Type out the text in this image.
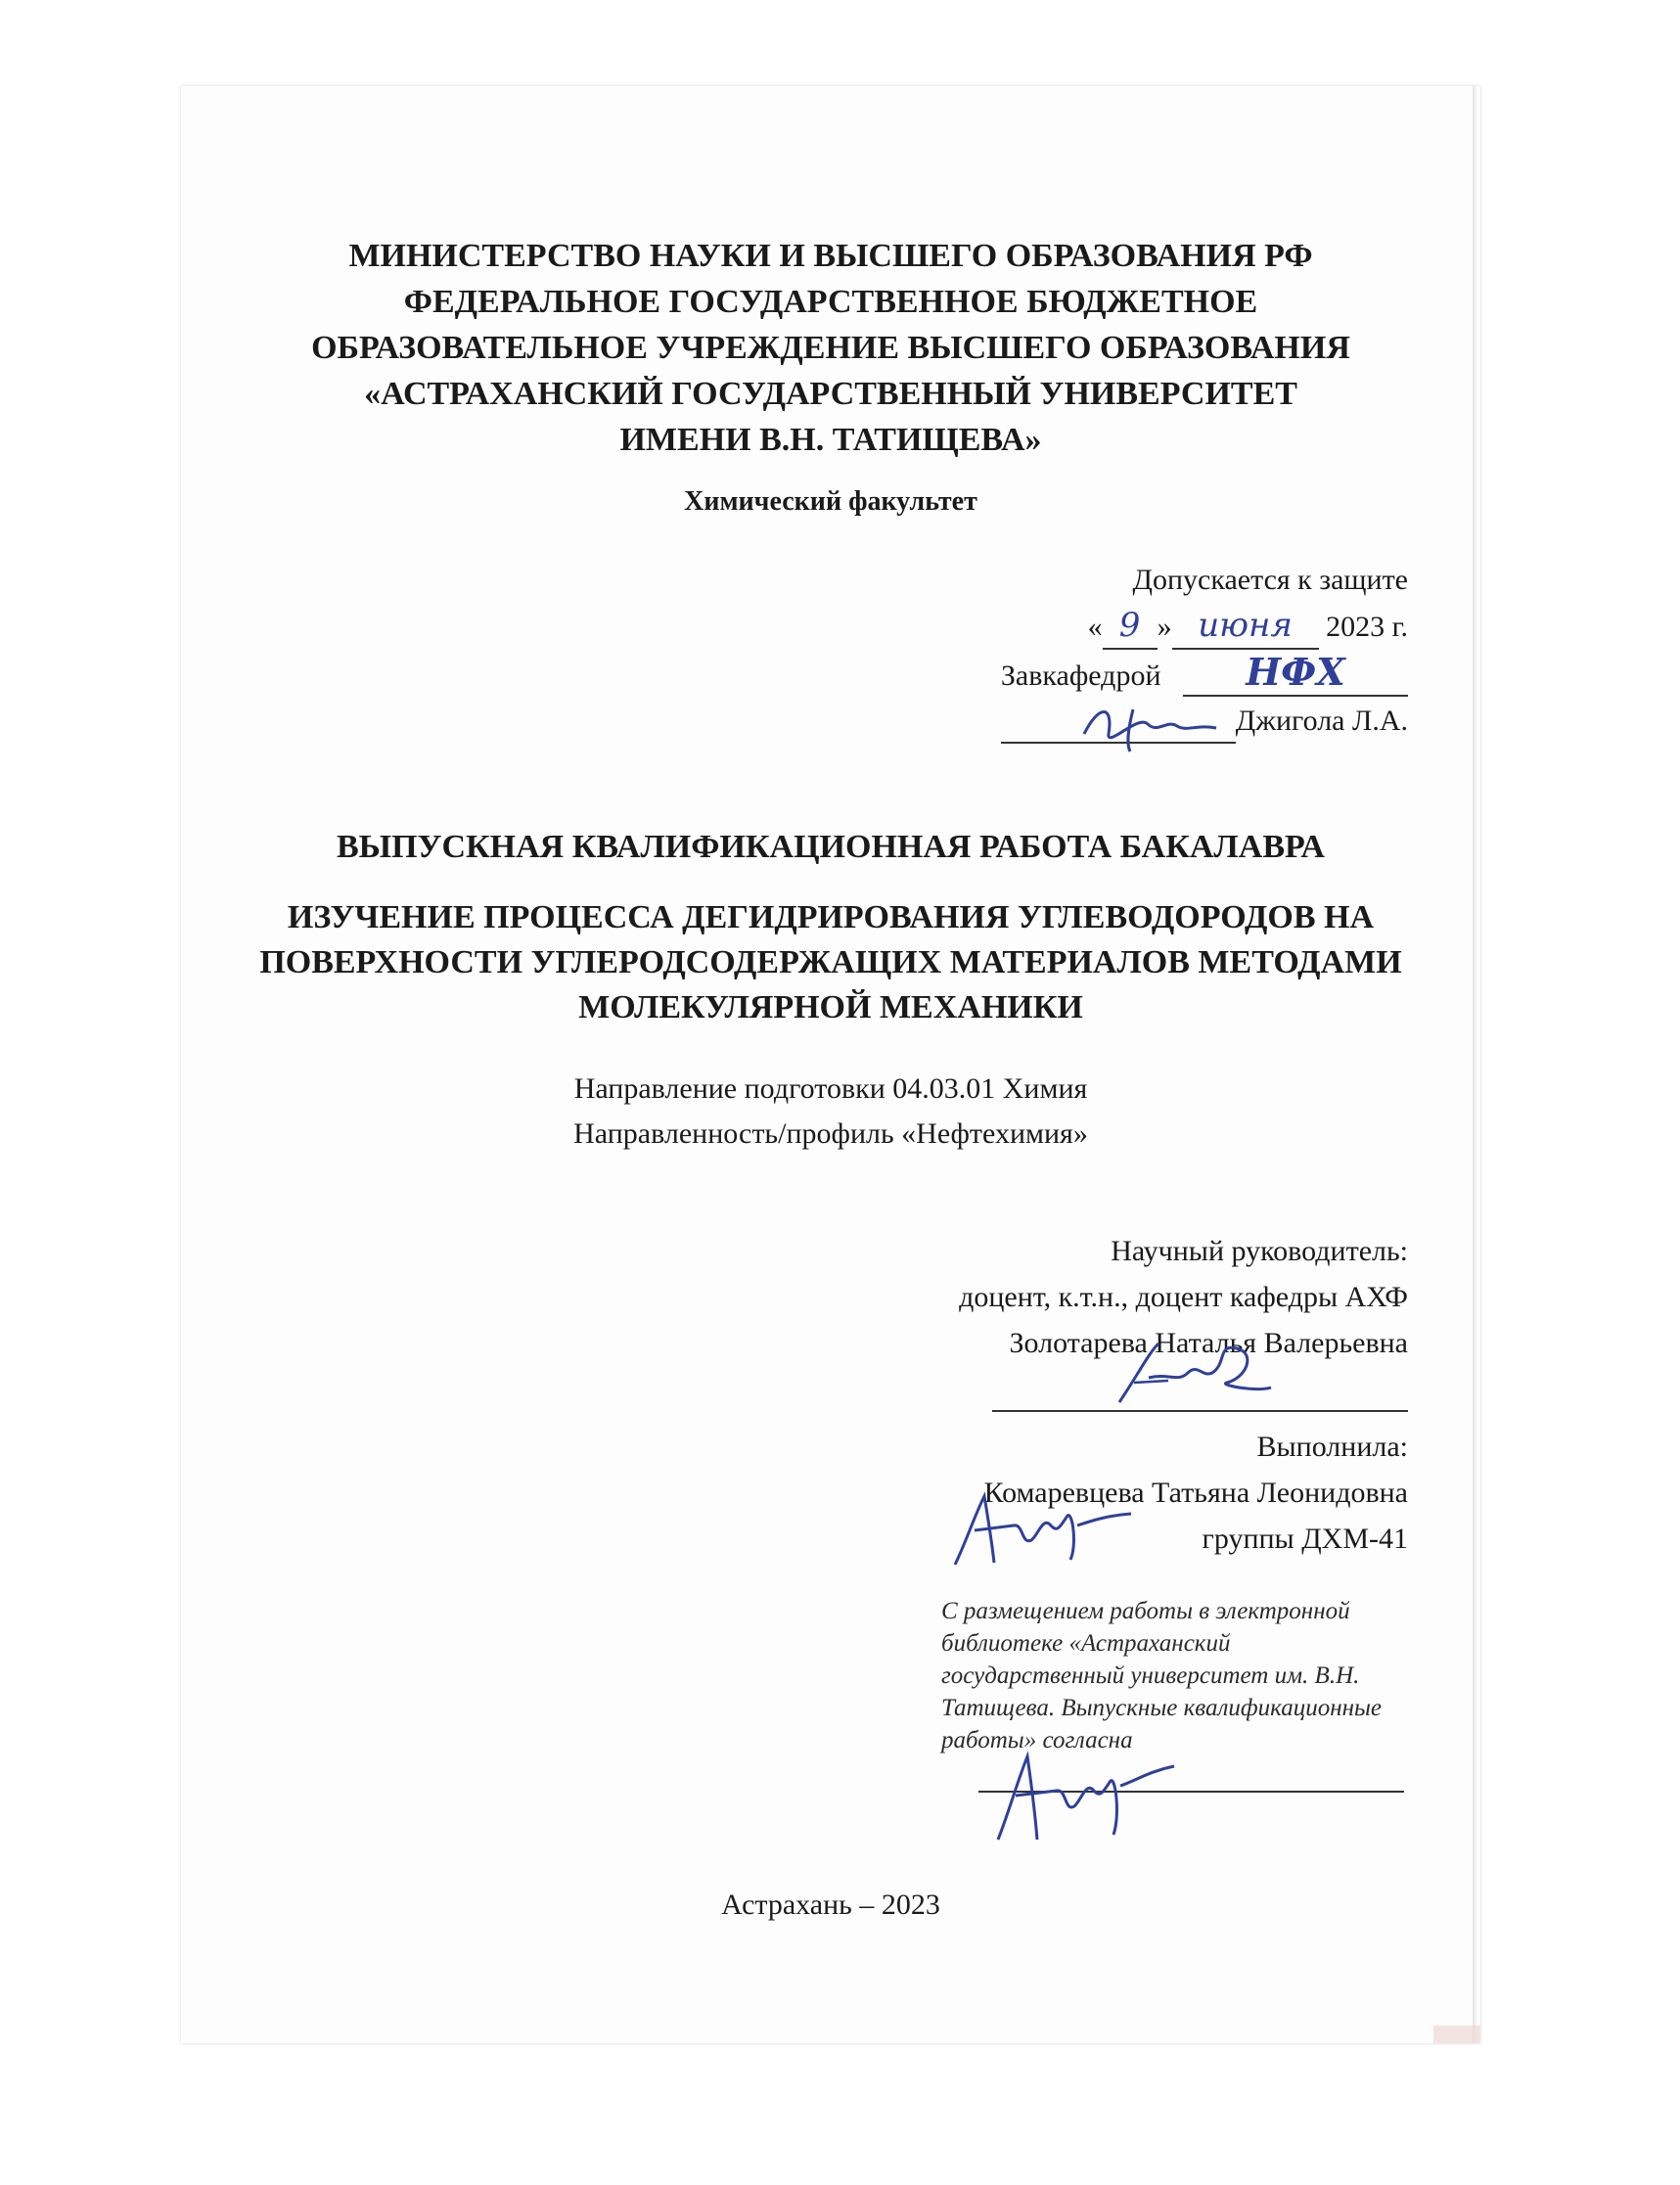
МИНИСТЕРСТВО НАУКИ И ВЫСШЕГО ОБРАЗОВАНИЯ РФ
ФЕДЕРАЛЬНОЕ ГОСУДАРСТВЕННОЕ БЮДЖЕТНОЕ
ОБРАЗОВАТЕЛЬНОЕ УЧРЕЖДЕНИЕ ВЫСШЕГО ОБРАЗОВАНИЯ
«АСТРАХАНСКИЙ ГОСУДАРСТВЕННЫЙ УНИВЕРСИТЕТ
ИМЕНИ В.Н. ТАТИЩЕВА»
Химический факультет
Допускается к защите
« 9 » июня 2023 г.
Завкафедрой НФХ
Джигола Л.А.
ВЫПУСКНАЯ КВАЛИФИКАЦИОННАЯ РАБОТА БАКАЛАВРА
ИЗУЧЕНИЕ ПРОЦЕССА ДЕГИДРИРОВАНИЯ УГЛЕВОДОРОДОВ НА
ПОВЕРХНОСТИ УГЛЕРОДСОДЕРЖАЩИХ МАТЕРИАЛОВ МЕТОДАМИ
МОЛЕКУЛЯРНОЙ МЕХАНИКИ
Направление подготовки 04.03.01 Химия
Направленность/профиль «Нефтехимия»
Научный руководитель:
доцент, к.т.н., доцент кафедры АХФ
Золотарева Наталья Валерьевна
Выполнила:
Комаревцева Татьяна Леонидовна
группы ДХМ-41
С размещением работы в электронной
библиотеке «Астраханский
государственный университет им. В.Н.
Татищева. Выпускные квалификационные
работы» согласна
Астрахань – 2023
